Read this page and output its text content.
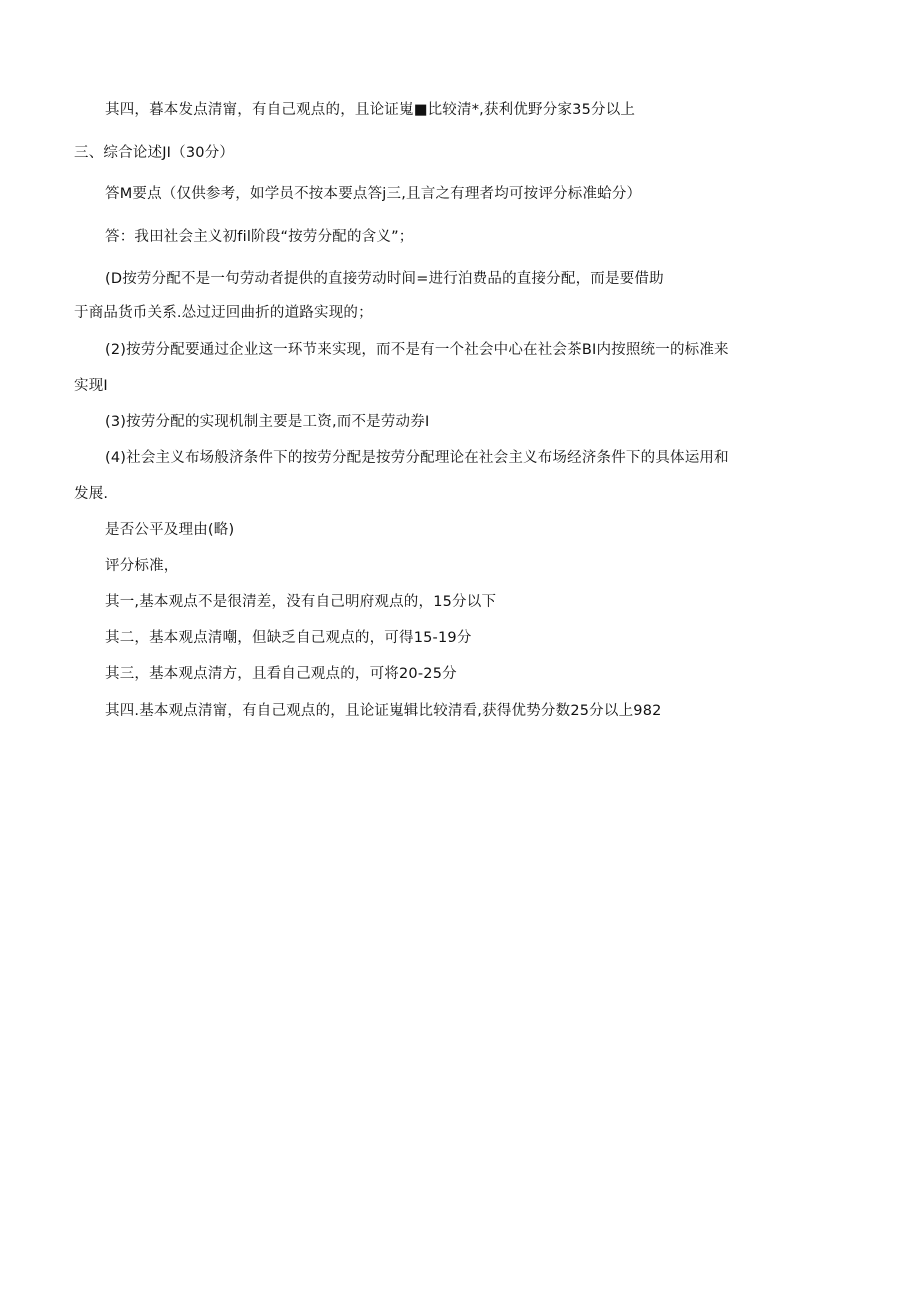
其四，暮本发点清甯，有自己观点的，且论证嵬■比较清*,获利优野分家35分以上
三、综合论述JI（30分）
答M要点（仅供参考，如学员不按本要点答j三,且言之有理者均可按评分标准蛤分）
答：我田社会主义初fil阶段“按劳分配的含义”；
(D按劳分配不是一句劳动者提供的直接劳动时间=进行泊费品的直接分配，而是要借助
于商品货币关系.怂过迂回曲折的道路实现的；
(2)按劳分配要通过企业这一环节来实现，而不是有一个社会中心在社会茶BI内按照统一的标准来
实现I
(3)按劳分配的实现机制主要是工资,而不是劳动券I
(4)社会主义布场般济条件下的按劳分配是按劳分配理论在社会主义布场经济条件下的具体运用和
发展.
是否公平及理由(略)
评分标准，
其一,基本观点不是很清差，没有自己明府观点的，15分以下
其二，基本观点清嘲，但缺乏自己观点的，可得15-19分
其三，基本观点清方，且看自己观点的，可将20-25分
其四.基本观点清甯，有自己观点的，且论证嵬辑比较清看,获得优势分数25分以上982
